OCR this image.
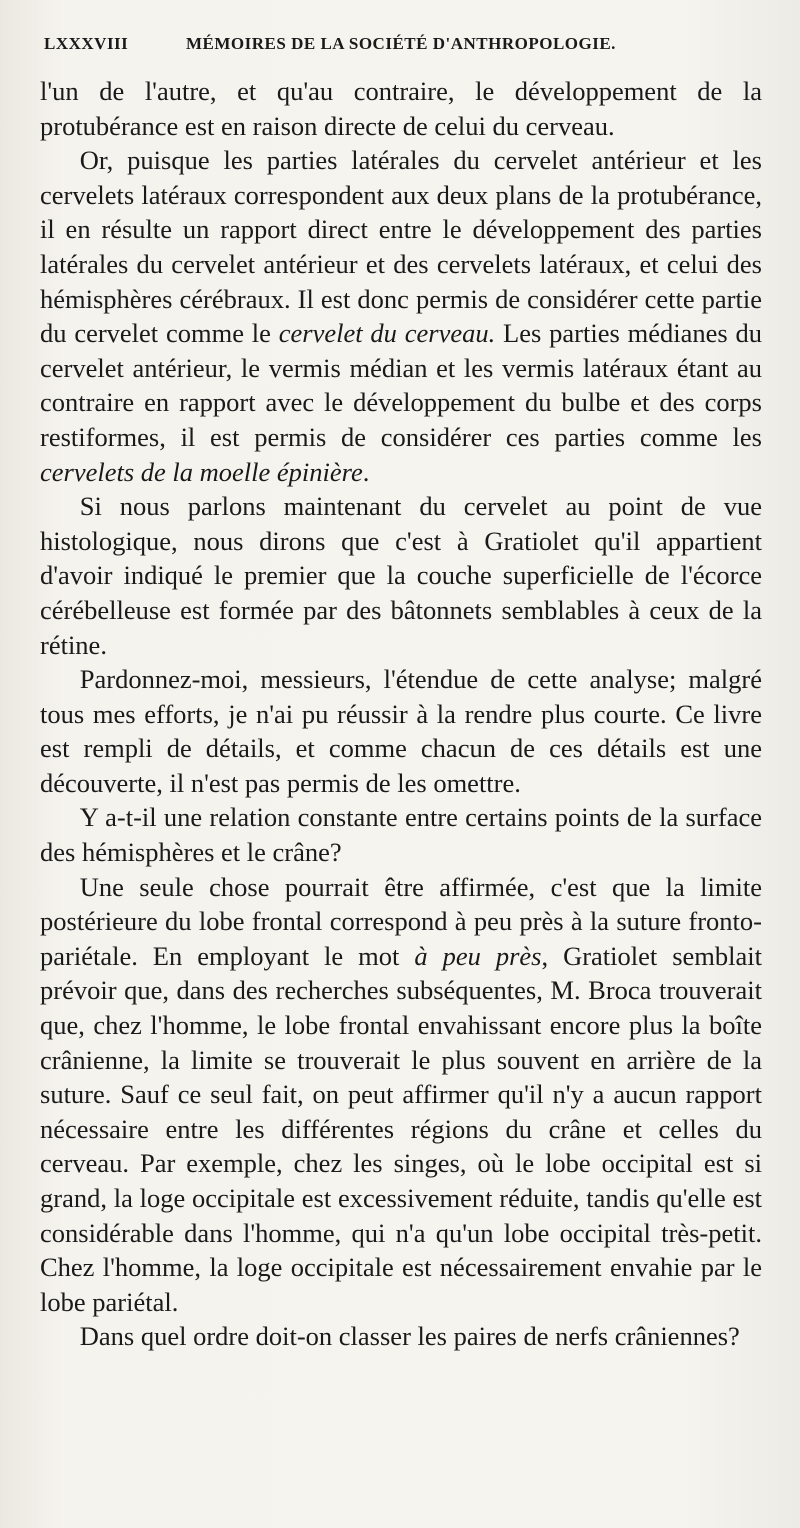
LXXXVIII	MÉMOIRES DE LA SOCIÉTÉ D'ANTHROPOLOGIE.

l'un de l'autre, et qu'au contraire, le développement de la protubérance est en raison directe de celui du cerveau.

Or, puisque les parties latérales du cervelet antérieur et les cervelets latéraux correspondent aux deux plans de la protubérance, il en résulte un rapport direct entre le développement des parties latérales du cervelet antérieur et des cervelets latéraux, et celui des hémisphères cérébraux. Il est donc permis de considérer cette partie du cervelet comme le cervelet du cerveau. Les parties médianes du cervelet antérieur, le vermis médian et les vermis latéraux étant au contraire en rapport avec le développement du bulbe et des corps restiformes, il est permis de considérer ces parties comme les cervelets de la moelle épinière.

Si nous parlons maintenant du cervelet au point de vue histologique, nous dirons que c'est à Gratiolet qu'il appartient d'avoir indiqué le premier que la couche superficielle de l'écorce cérébelleuse est formée par des bâtonnets semblables à ceux de la rétine.

Pardonnez-moi, messieurs, l'étendue de cette analyse; malgré tous mes efforts, je n'ai pu réussir à la rendre plus courte. Ce livre est rempli de détails, et comme chacun de ces détails est une découverte, il n'est pas permis de les omettre.

Y a-t-il une relation constante entre certains points de la surface des hémisphères et le crâne?

Une seule chose pourrait être affirmée, c'est que la limite postérieure du lobe frontal correspond à peu près à la suture fronto-pariétale. En employant le mot à peu près, Gratiolet semblait prévoir que, dans des recherches subséquentes, M. Broca trouverait que, chez l'homme, le lobe frontal envahissant encore plus la boîte crânienne, la limite se trouverait le plus souvent en arrière de la suture. Sauf ce seul fait, on peut affirmer qu'il n'y a aucun rapport nécessaire entre les différentes régions du crâne et celles du cerveau. Par exemple, chez les singes, où le lobe occipital est si grand, la loge occipitale est excessivement réduite, tandis qu'elle est considérable dans l'homme, qui n'a qu'un lobe occipital très-petit. Chez l'homme, la loge occipitale est nécessairement envahie par le lobe pariétal.

Dans quel ordre doit-on classer les paires de nerfs crâniennes?
